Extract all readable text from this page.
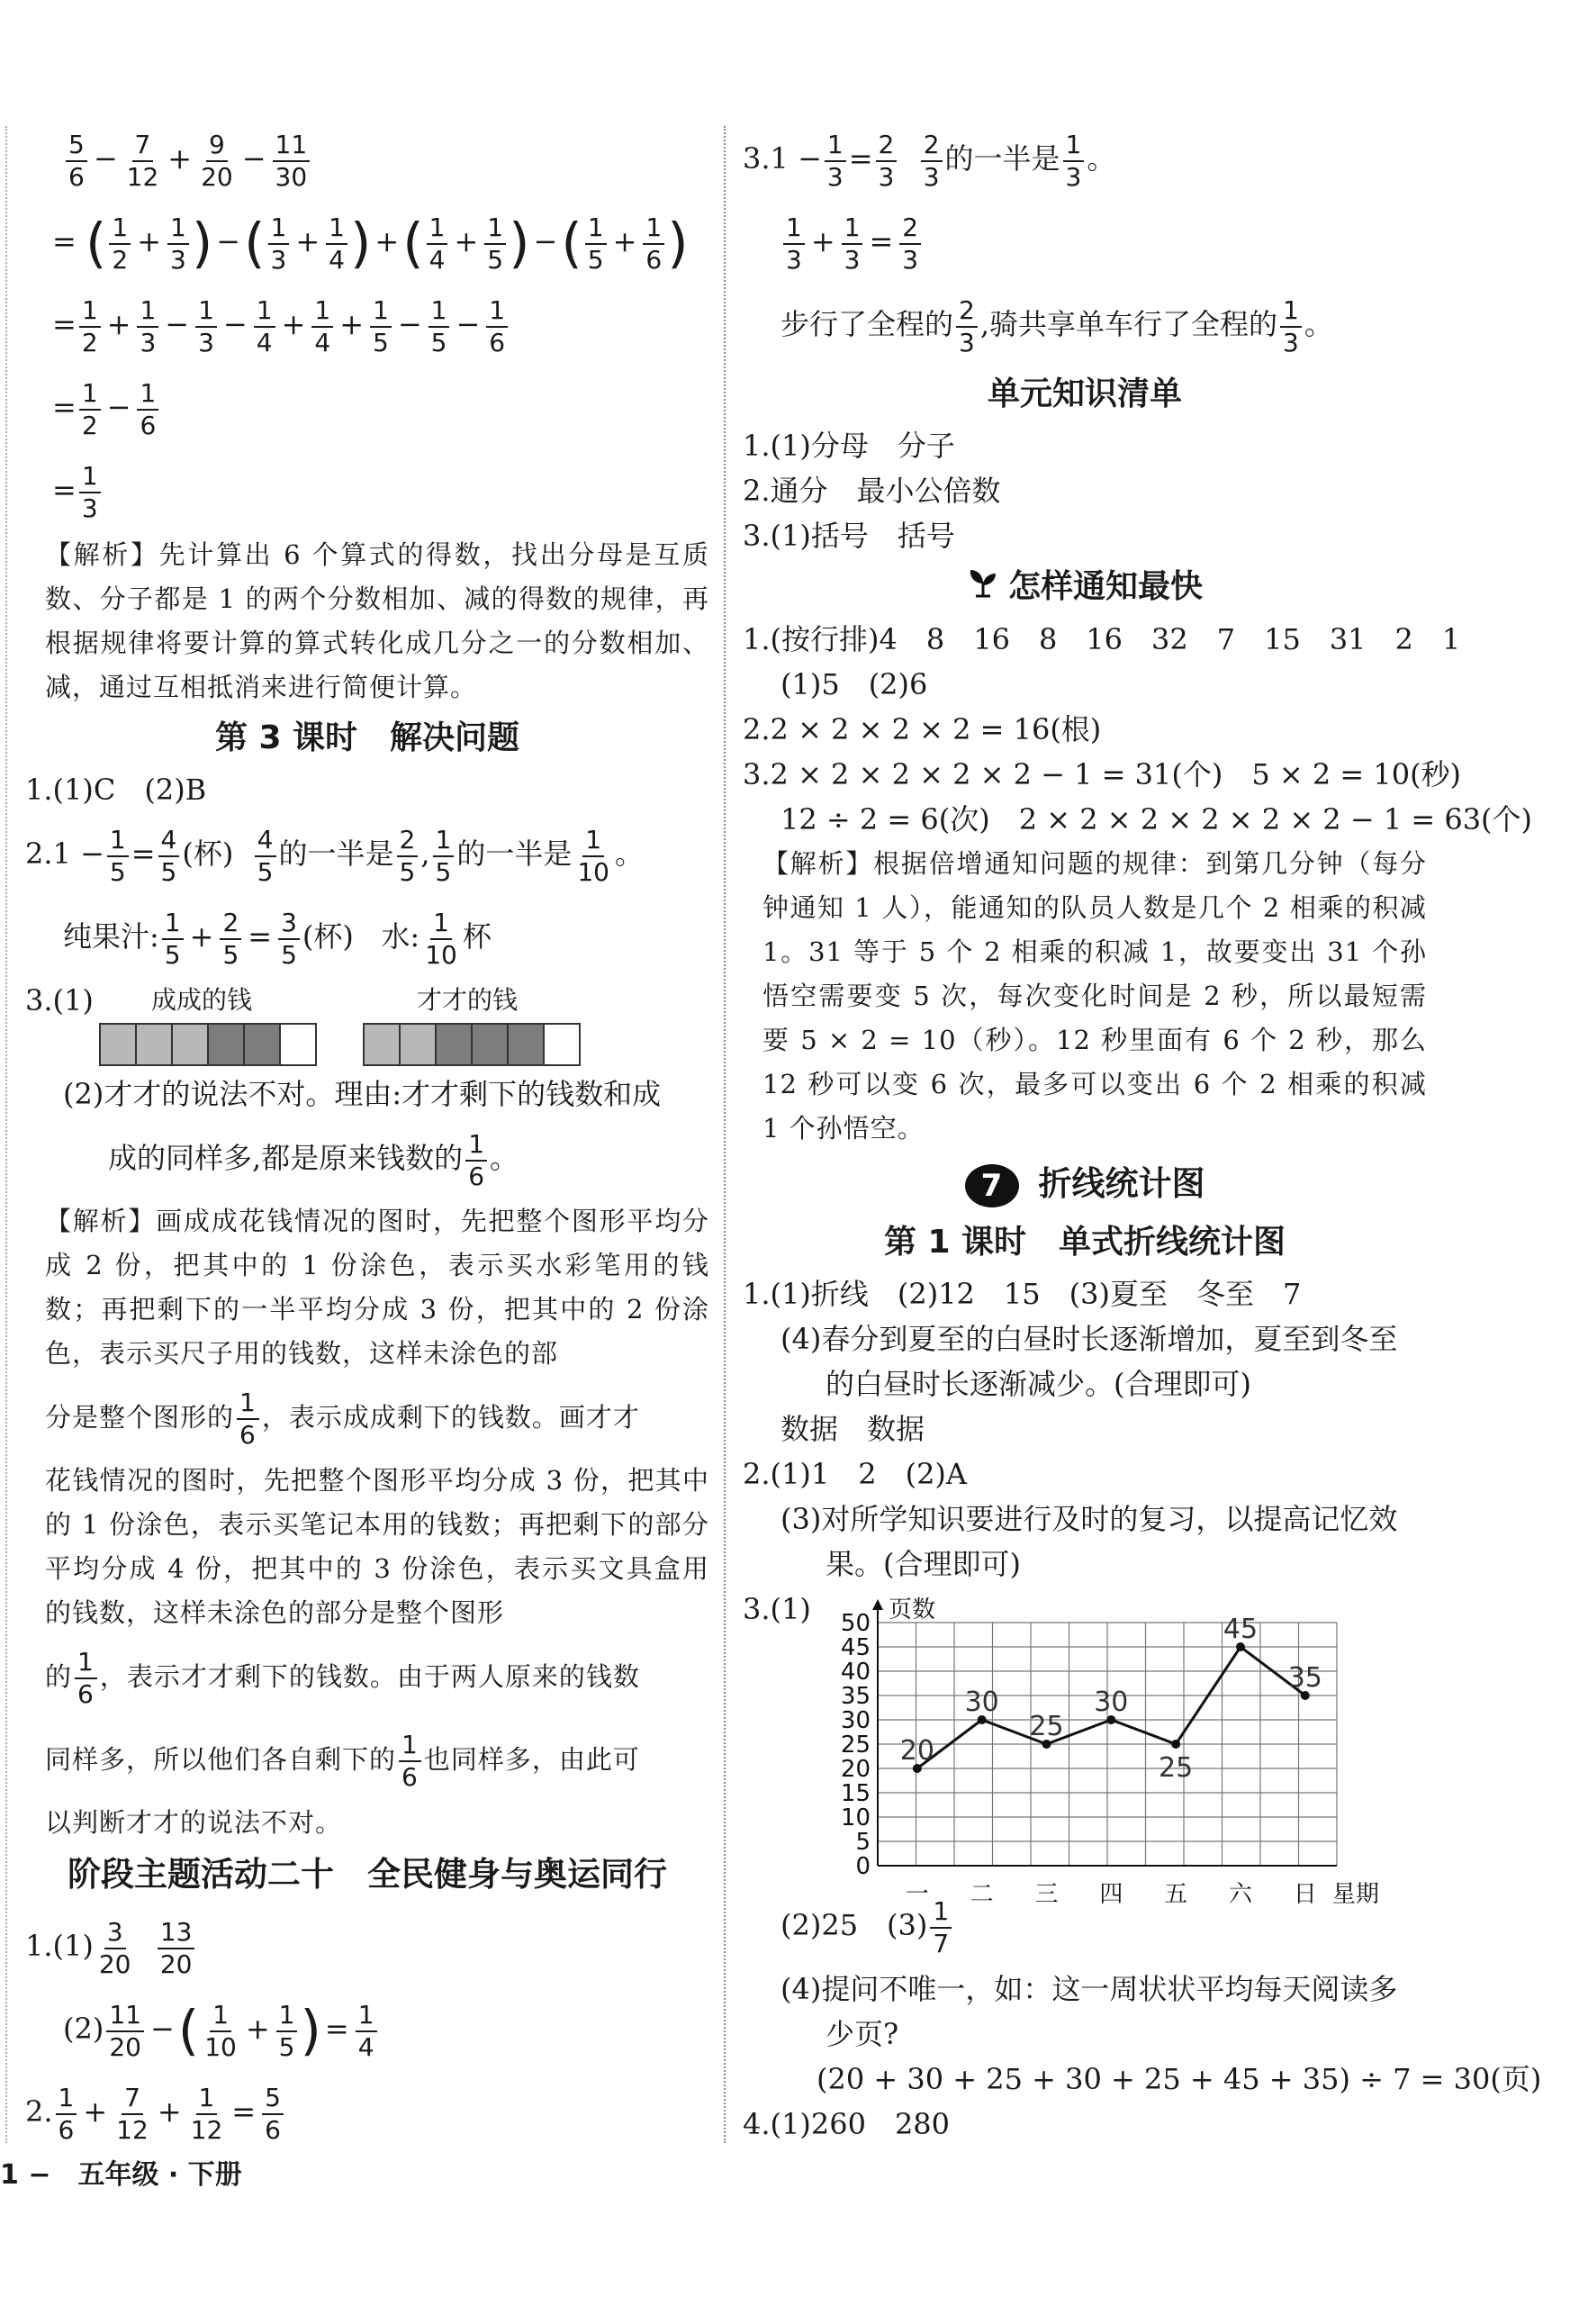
$\frac{5}{6} - \frac{7}{12} + \frac{9}{20} - \frac{11}{30}$
= ( $\frac{1}{2} + \frac{1}{3}$ ) −( $\frac{1}{3} + \frac{1}{4}$ ) +( $\frac{1}{4} + \frac{1}{5}$ ) −( $\frac{1}{5} + \frac{1}{6}$ )
= $\frac{1}{2} + \frac{1}{3} - \frac{1}{3} - \frac{1}{4} + \frac{1}{4} + \frac{1}{5} - \frac{1}{5} - \frac{1}{6}$
= $\frac{1}{2} - \frac{1}{6}$
= $\frac{1}{3}$
【解析】先计算出 6 个算式的得数，找出分母是互质数、分子都是 1 的两个分数相加、减的得数的规律，再根据规律将要计算的算式转化成几分之一的分数相加、减，通过互相抵消来进行简便计算。
第 3 课时　解决问题
1.(1)C　(2)B
$2.1 - \frac{1}{5} = \frac{4}{5}$ (杯) $\frac{4}{5}$ 的一半是 $\frac{2}{5}$ , $\frac{1}{5}$ 的一半是 $\frac{1}{10}$ 。
纯果汁: $\frac{1}{5} + \frac{2}{5} = \frac{3}{5}$ (杯) 水: $\frac{1}{10}$ 杯
3.(1) 成成的钱	才才的钱
(2)才才的说法不对。理由:才才剩下的钱数和成
成的同样多,都是原来钱数的 $\frac{1}{6}$ 。
【解析】画成成花钱情况的图时，先把整个图形平均分成 2 份，把其中的 1 份涂色，表示买水彩笔用的钱数；再把剩下的一半平均分成 3 份，把其中的 2 份涂色，表示买尺子用的钱数，这样未涂色的部
分是整个图形的 $\frac{1}{6}$ ，表示成成剩下的钱数。画才才
花钱情况的图时，先把整个图形平均分成 3 份，把其中的 1 份涂色，表示买笔记本用的钱数；再把剩下的部分平均分成 4 份，把其中的 3 份涂色，表示买文具盒用的钱数，这样未涂色的部分是整个图形
的 $\frac{1}{6}$ ，表示才才剩下的钱数。由于两人原来的钱数
同样多，所以他们各自剩下的 $\frac{1}{6}$ 也同样多，由此可
以判断才才的说法不对。
阶段主题活动二十　全民健身与奥运同行
$1.(1) \frac{3}{20}$
$\frac{13}{20}$
$(2) \frac{11}{20}$ −( $\frac{1}{10} + \frac{1}{5}$ ) = $\frac{1}{4}$
2. $\frac{1}{6} + \frac{7}{12} + \frac{1}{12} = \frac{5}{6}$
$3.1 - \frac{1}{3} = \frac{2}{3}$
$\frac{2}{3}$ 的一半是 $\frac{1}{3}$ 。
$\frac{1}{3} + \frac{1}{3} = \frac{2}{3}$
步行了全程的 $\frac{2}{3}$ ,骑共享单车行了全程的 $\frac{1}{3}$ 。
单元知识清单
1.(1)分母　分子
2.通分　最小公倍数
3.(1)括号　括号
怎样通知最快
1.(按行排)4　8　16　8　16　32　7　15　31　2　1
(1)5　(2)6
2.2 × 2 × 2 × 2 = 16(根)
3.2 × 2 × 2 × 2 × 2 − 1 = 31(个)　5 × 2 = 10(秒)
12 ÷ 2 = 6(次)　2 × 2 × 2 × 2 × 2 × 2 − 1 = 63(个)
【解析】根据倍增通知问题的规律：到第几分钟（每分钟通知 1 人），能通知的队员人数是几个 2 相乘的积减 1。31 等于 5 个 2 相乘的积减 1，故要变出 31 个孙悟空需要变 5 次，每次变化时间是 2 秒，所以最短需要 5 × 2 = 10（秒）。12 秒里面有 6 个 2 秒，那么 12 秒可以变 6 次，最多可以变出 6 个 2 相乘的积减 1 个孙悟空。
7 折线统计图
第 1 课时　单式折线统计图
1.(1)折线　(2)12　15　(3)夏至　冬至　7
(4)春分到夏至的白昼时长逐渐增加，夏至到冬至
的白昼时长逐渐减少。(合理即可)
数据　数据
2.(1)1　2　(2)A
(3)对所学知识要进行及时的复习，以提高记忆效
果。(合理即可)
3.(1)
0
5
10
15
20
25
30
35
40
45
50 页数
一 二 三 四 五 六 日 星期
20
30
25
30
25
45
35
(2)25　$(3) \frac{1}{7}$
(4)提问不唯一，如：这一周状状平均每天阅读多
少页?
(20 + 30 + 25 + 30 + 25 + 45 + 35) ÷ 7 = 30(页)
4.(1)260　280
1 −　五年级 · 下册
